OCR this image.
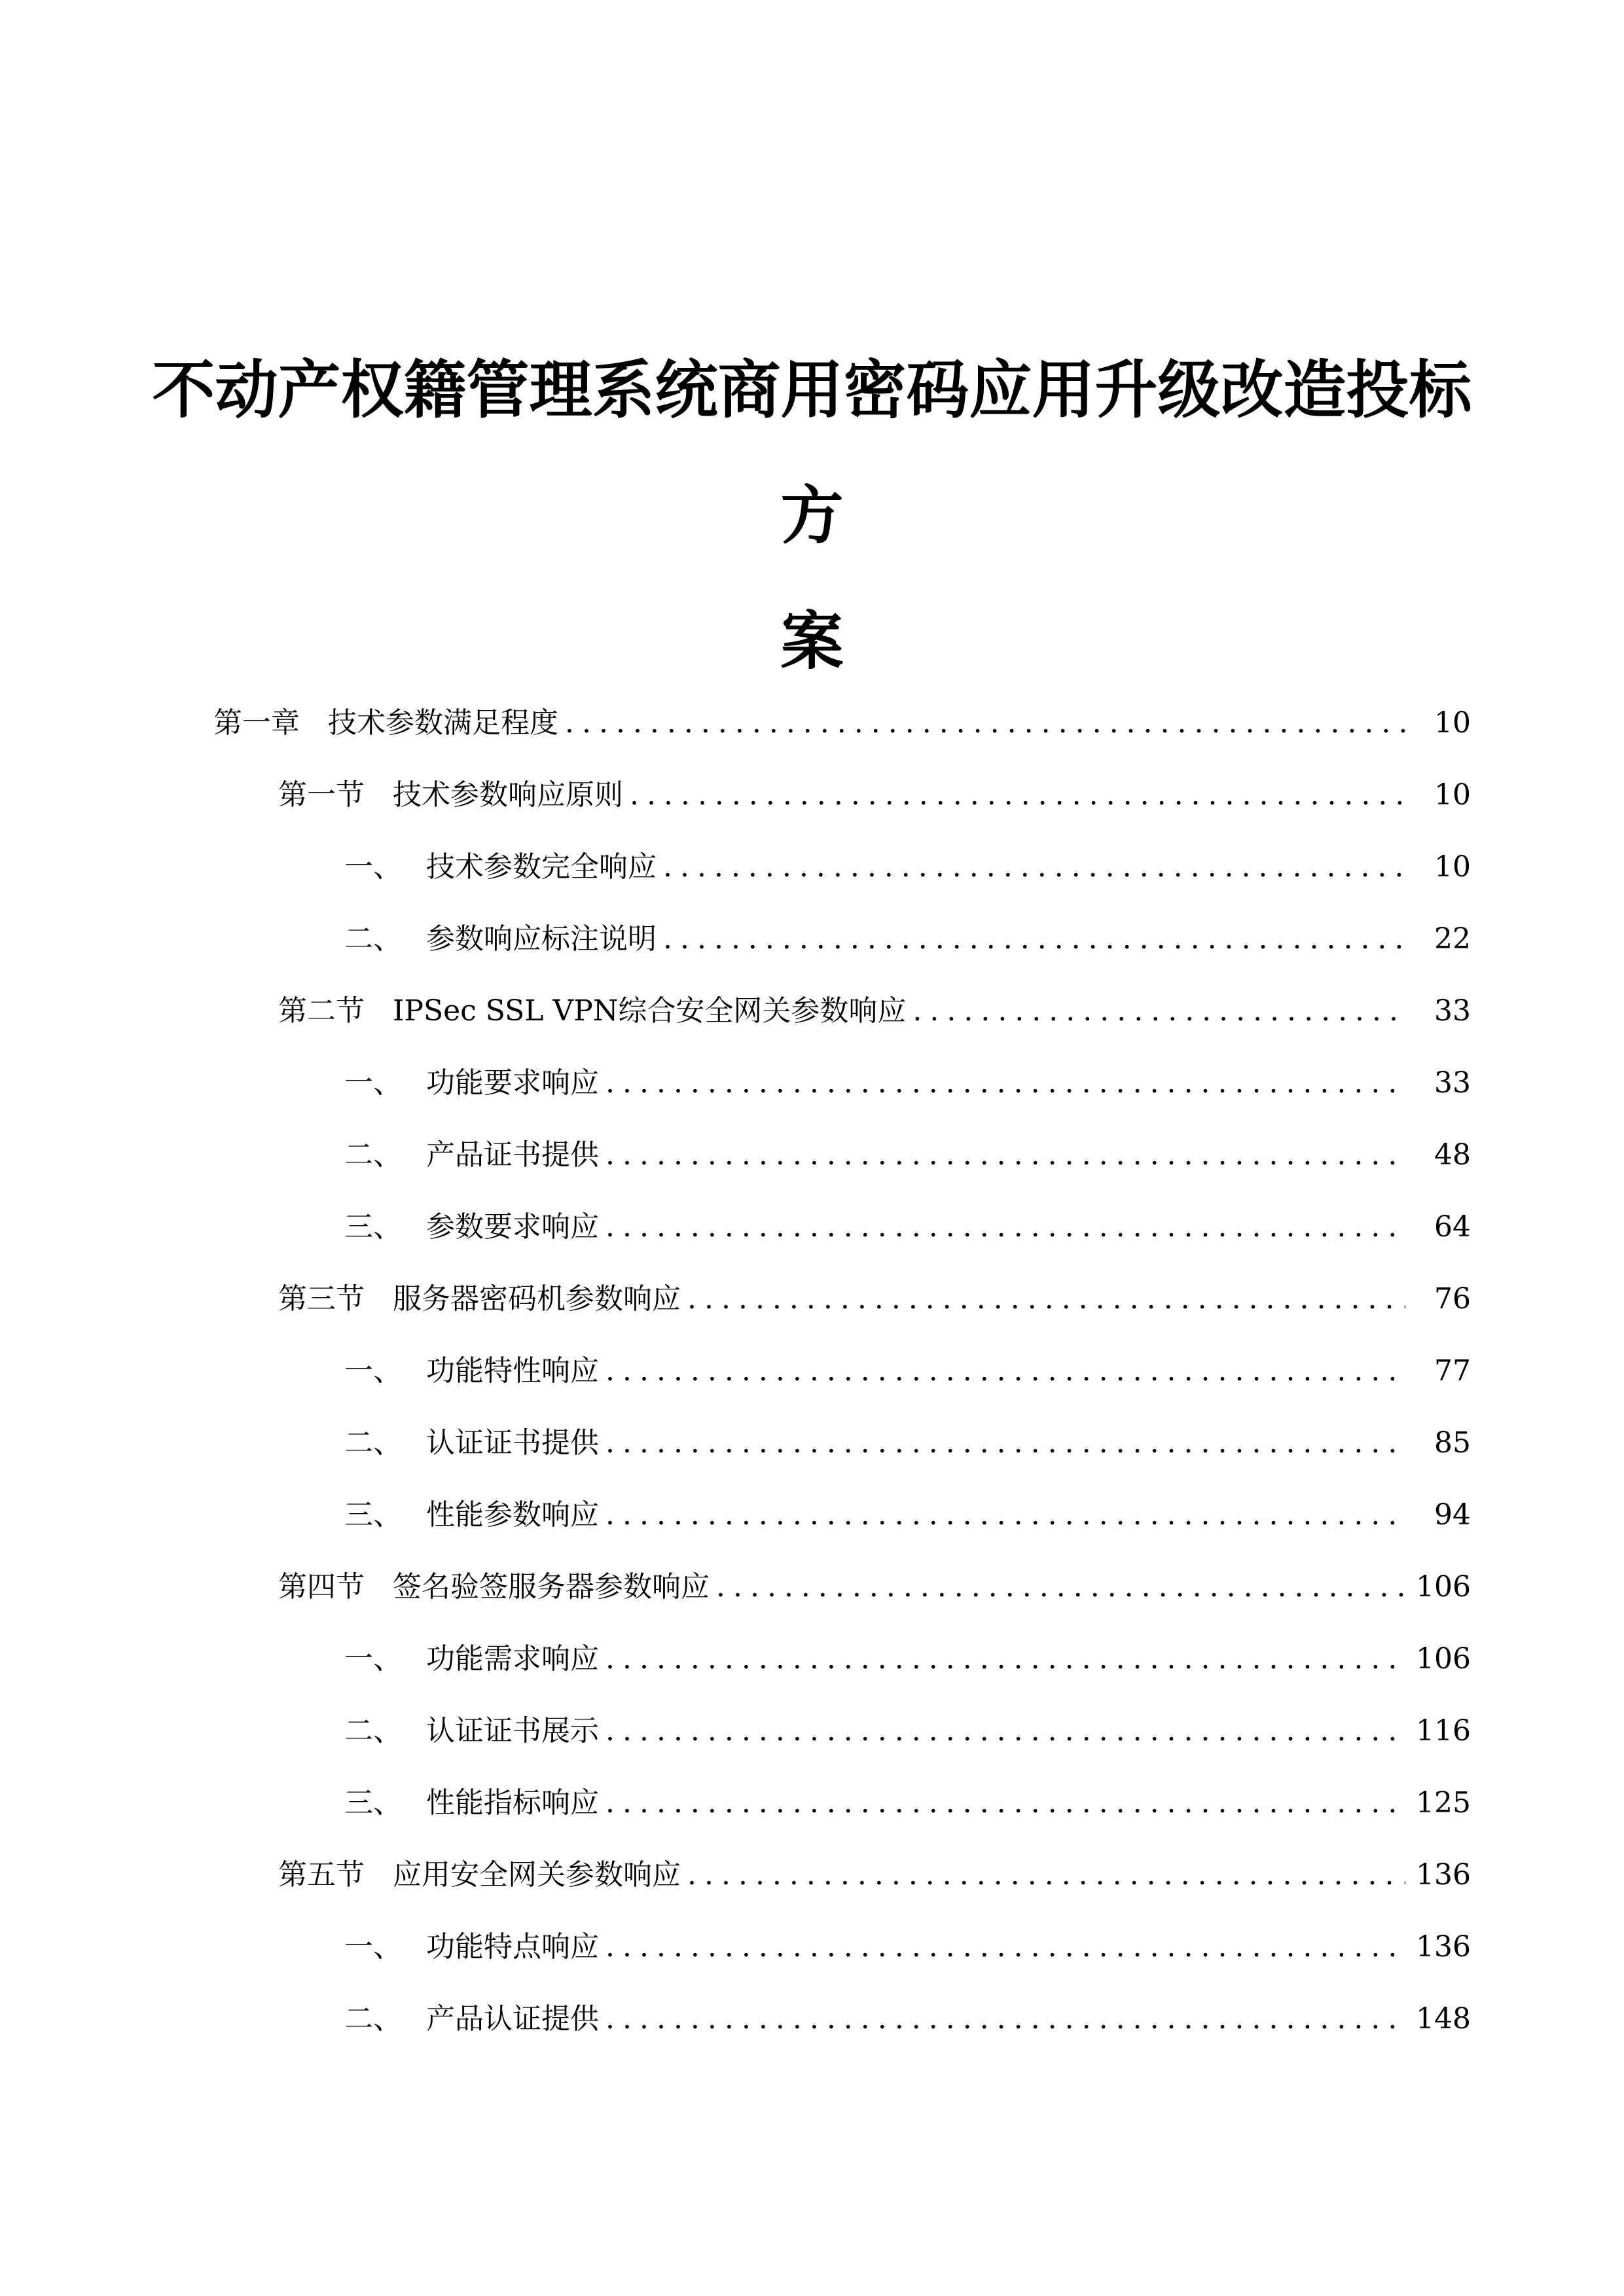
不动产权籍管理系统商用密码应用升级改造投标方
案
第一章 技术参数满足程度 .....	10
第一节 技术参数响应原则 .....	10
一、 技术参数完全响应 .....	10
二、 参数响应标注说明 .....	22
第二节 IPSec SSL VPN综合安全网关参数响应 .....	33
一、 功能要求响应 .....	33
二、 产品证书提供 .....	48
三、 参数要求响应 .....	64
第三节 服务器密码机参数响应 .....	76
一、 功能特性响应 .....	77
二、 认证证书提供 .....	85
三、 性能参数响应 .....	94
第四节 签名验签服务器参数响应 .....	106
一、 功能需求响应 .....	106
二、 认证证书展示 .....	116
三、 性能指标响应 .....	125
第五节 应用安全网关参数响应 .....	136
一、 功能特点响应 .....	136
二、 产品认证提供 .....	148
